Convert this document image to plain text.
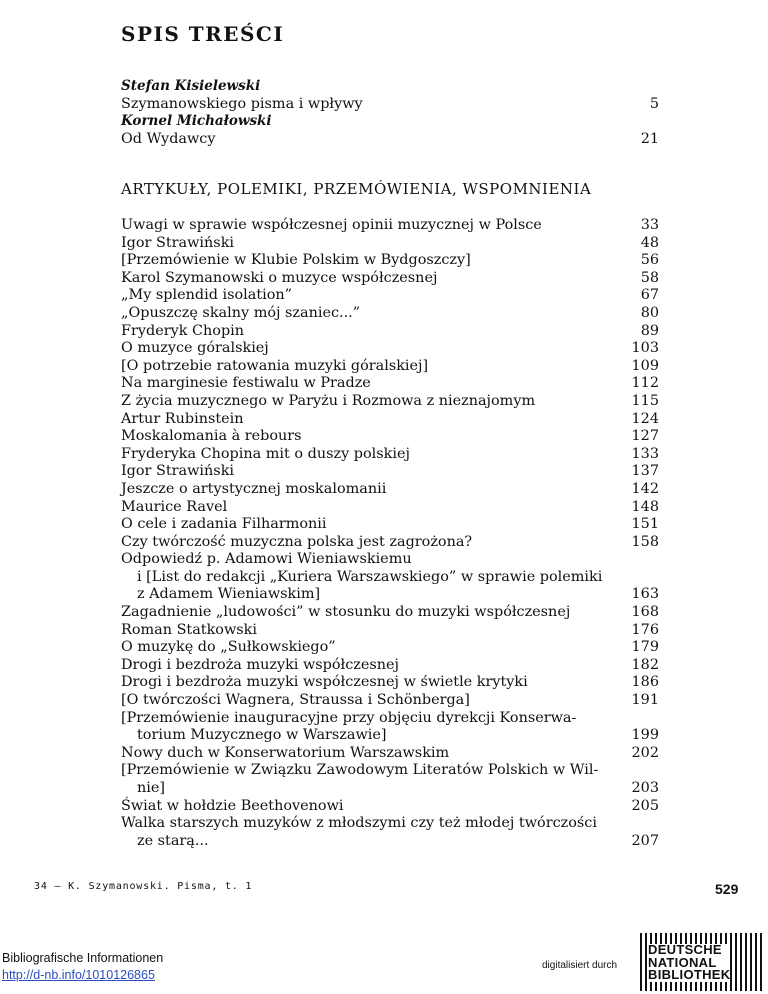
SPIS TREŚCI
Stefan Kisielewski
Szymanowskiego pisma i wpływy	5
Kornel Michałowski
Od Wydawcy	21
ARTYKUŁY, POLEMIKI, PRZEMÓWIENIA, WSPOMNIENIA
Uwagi w sprawie współczesnej opinii muzycznej w Polsce	33
Igor Strawiński	48
[Przemówienie w Klubie Polskim w Bydgoszczy]	56
Karol Szymanowski o muzyce współczesnej	58
„My splendid isolation”	67
„Opuszczę skalny mój szaniec...”	80
Fryderyk Chopin	89
O muzyce góralskiej	103
[O potrzebie ratowania muzyki góralskiej]	109
Na marginesie festiwalu w Pradze	112
Z życia muzycznego w Paryżu i Rozmowa z nieznajomym	115
Artur Rubinstein	124
Moskalomania à rebours	127
Fryderyka Chopina mit o duszy polskiej	133
Igor Strawiński	137
Jeszcze o artystycznej moskalomanii	142
Maurice Ravel	148
O cele i zadania Filharmonii	151
Czy twórczość muzyczna polska jest zagrożona?	158
Odpowiedź p. Adamowi Wieniawskiemu
i [List do redakcji „Kuriera Warszawskiego” w sprawie polemiki
z Adamem Wieniawskim]	163
Zagadnienie „ludowości” w stosunku do muzyki współczesnej	168
Roman Statkowski	176
O muzykę do „Sułkowskiego”	179
Drogi i bezdroża muzyki współczesnej	182
Drogi i bezdroża muzyki współczesnej w świetle krytyki	186
[O twórczości Wagnera, Straussa i Schönberga]	191
[Przemówienie inauguracyjne przy objęciu dyrekcji Konserwa-
torium Muzycznego w Warszawie]	199
Nowy duch w Konserwatorium Warszawskim	202
[Przemówienie w Związku Zawodowym Literatów Polskich w Wil-
nie]	203
Świat w hołdzie Beethovenowi	205
Walka starszych muzyków z młodszymi czy też młodej twórczości
ze starą...	207
34 — K. Szymanowski. Pisma, t. 1	529
Bibliografische Informationen
http://d-nb.info/1010126865
digitalisiert durch
DEUTSCHE
NATIONAL
BIBLIOTHEK
